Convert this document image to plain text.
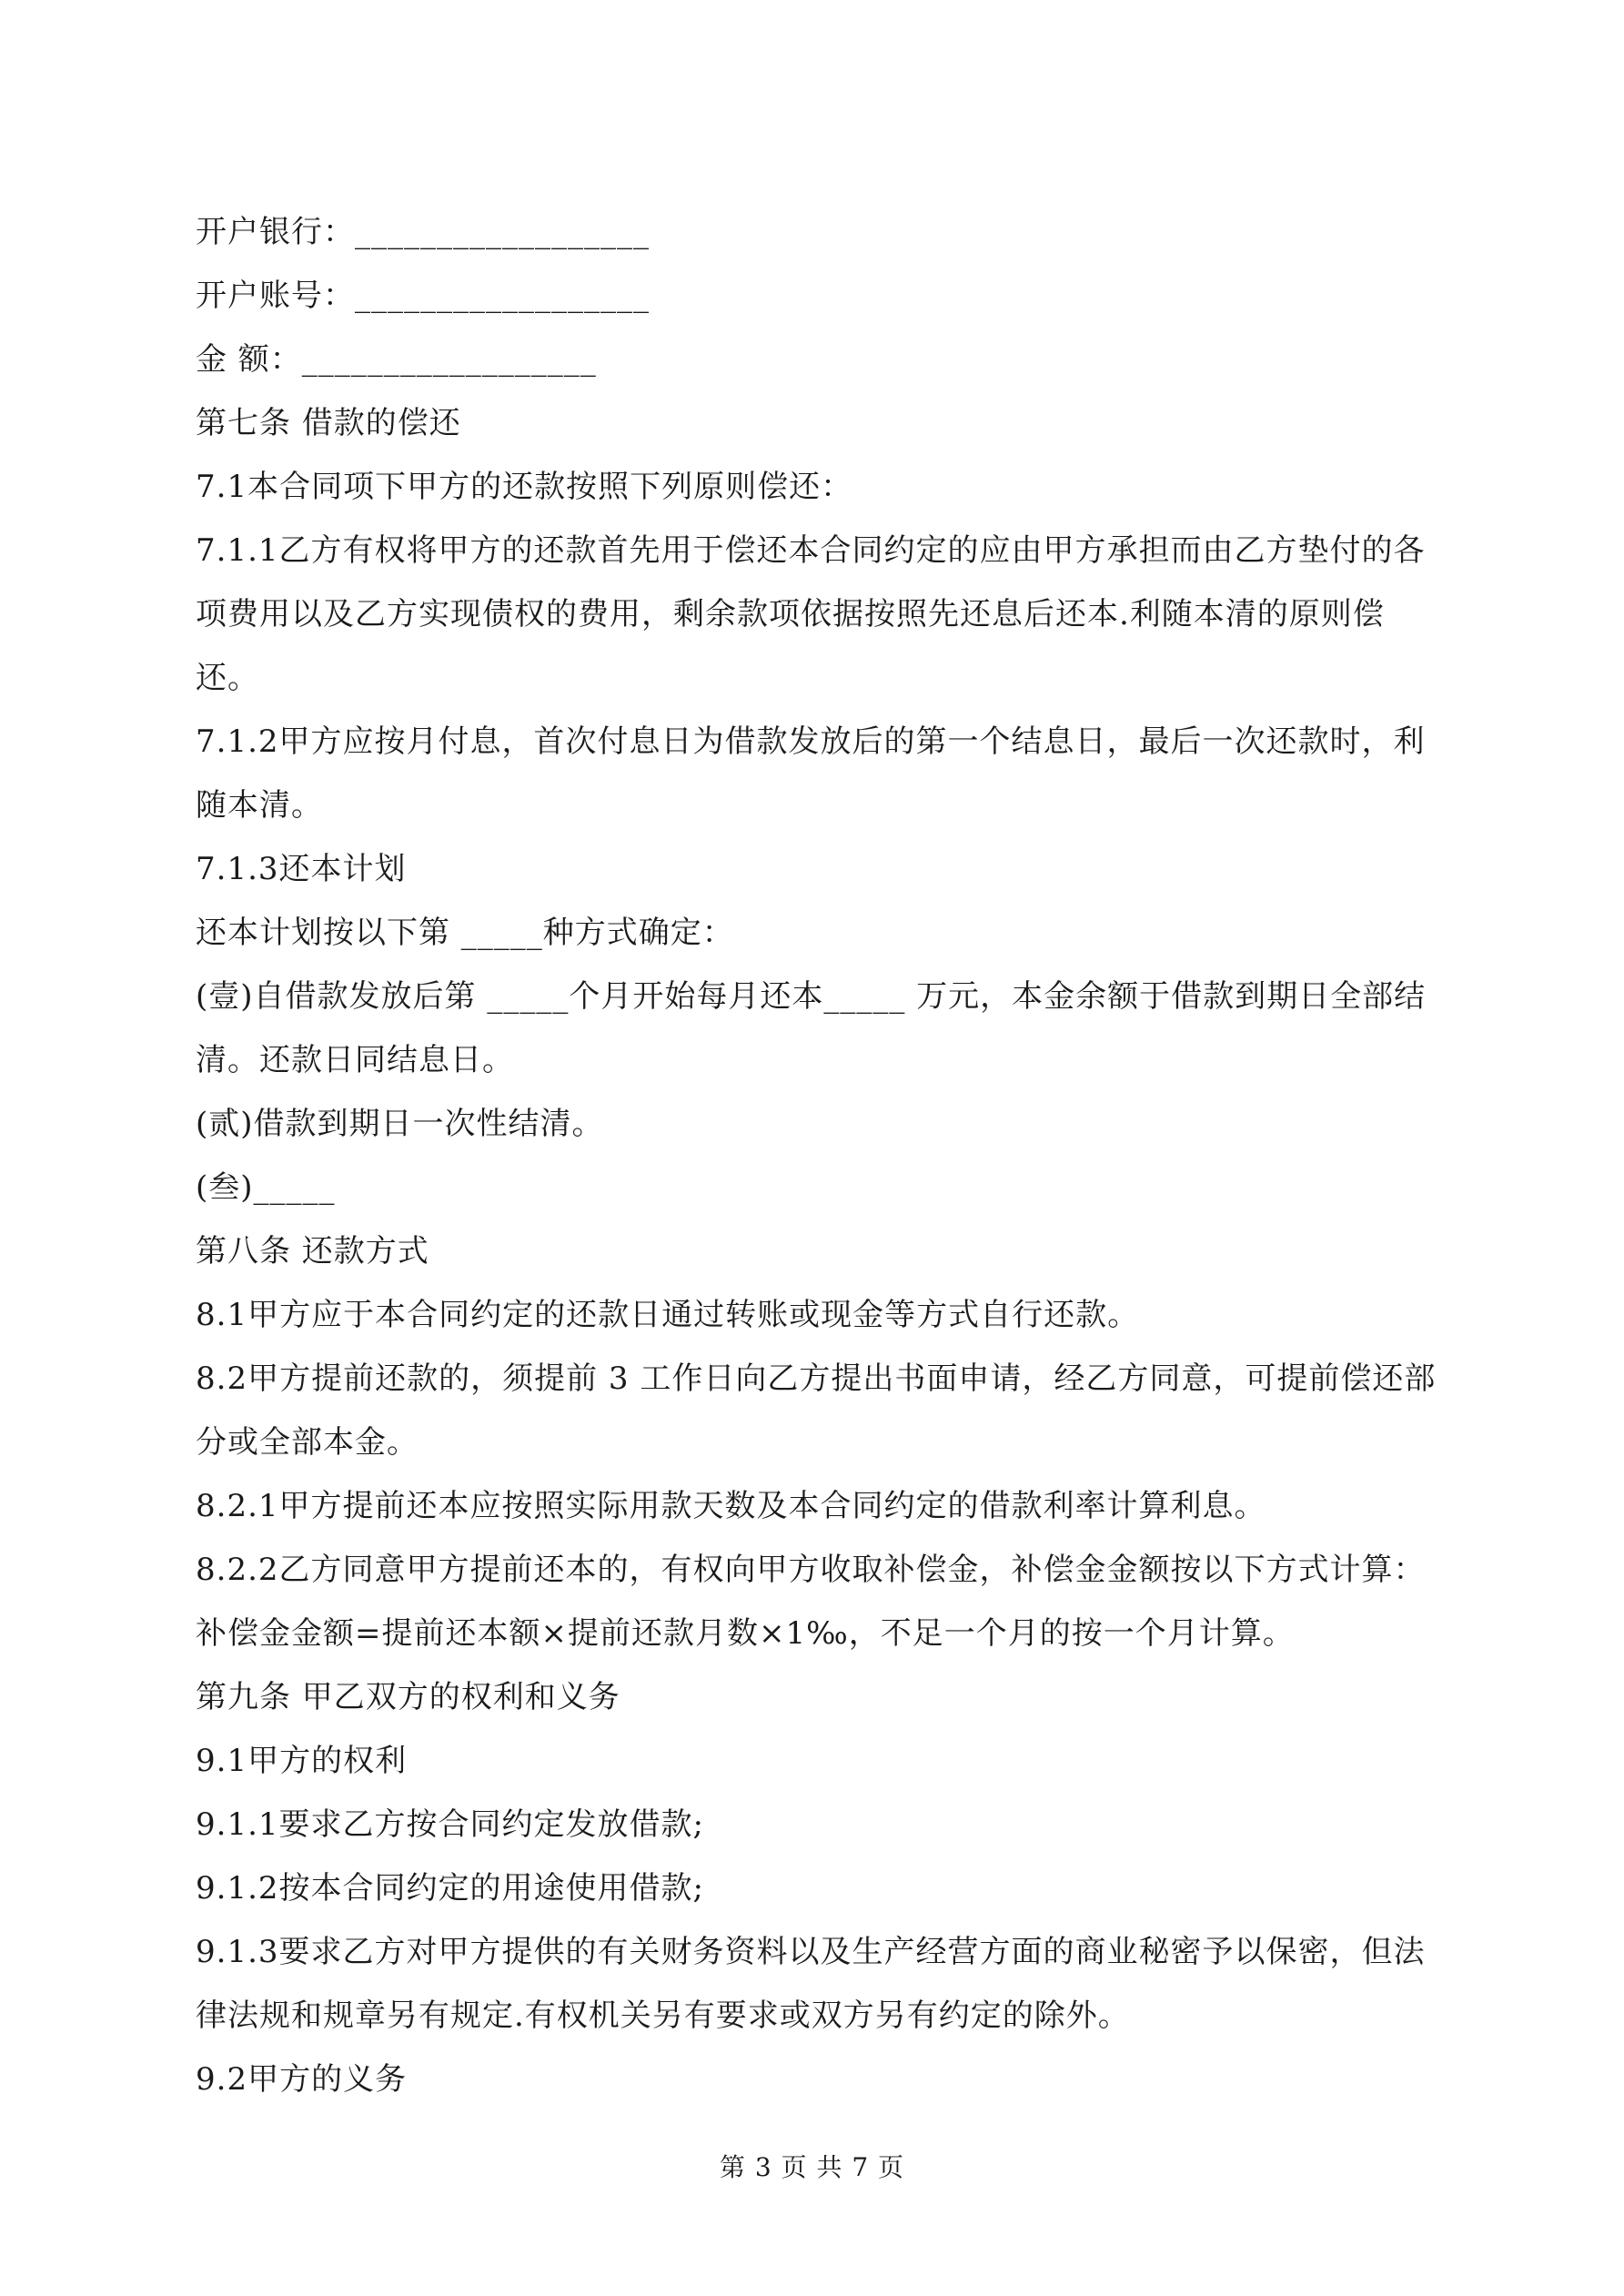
开户银行：__________________

开户账号：__________________

金 额：__________________

第七条 借款的偿还

7.1本合同项下甲方的还款按照下列原则偿还：

7.1.1乙方有权将甲方的还款首先用于偿还本合同约定的应由甲方承担而由乙方垫付的各项费用以及乙方实现债权的费用，剩余款项依据按照先还息后还本.利随本清的原则偿还。

7.1.2甲方应按月付息，首次付息日为借款发放后的第一个结息日，最后一次还款时，利随本清。

7.1.3还本计划

还本计划按以下第 _____种方式确定：

(壹)自借款发放后第 _____个月开始每月还本_____ 万元，本金余额于借款到期日全部结清。还款日同结息日。

(贰)借款到期日一次性结清。

(叁)_____

第八条 还款方式

8.1甲方应于本合同约定的还款日通过转账或现金等方式自行还款。

8.2甲方提前还款的，须提前 3 工作日向乙方提出书面申请，经乙方同意，可提前偿还部分或全部本金。

8.2.1甲方提前还本应按照实际用款天数及本合同约定的借款利率计算利息。

8.2.2乙方同意甲方提前还本的，有权向甲方收取补偿金，补偿金金额按以下方式计算：补偿金金额=提前还本额×提前还款月数×1‰，不足一个月的按一个月计算。

第九条 甲乙双方的权利和义务

9.1甲方的权利

9.1.1要求乙方按合同约定发放借款;

9.1.2按本合同约定的用途使用借款;

9.1.3要求乙方对甲方提供的有关财务资料以及生产经营方面的商业秘密予以保密，但法律法规和规章另有规定.有权机关另有要求或双方另有约定的除外。

9.2甲方的义务

第 3 页 共 7 页
